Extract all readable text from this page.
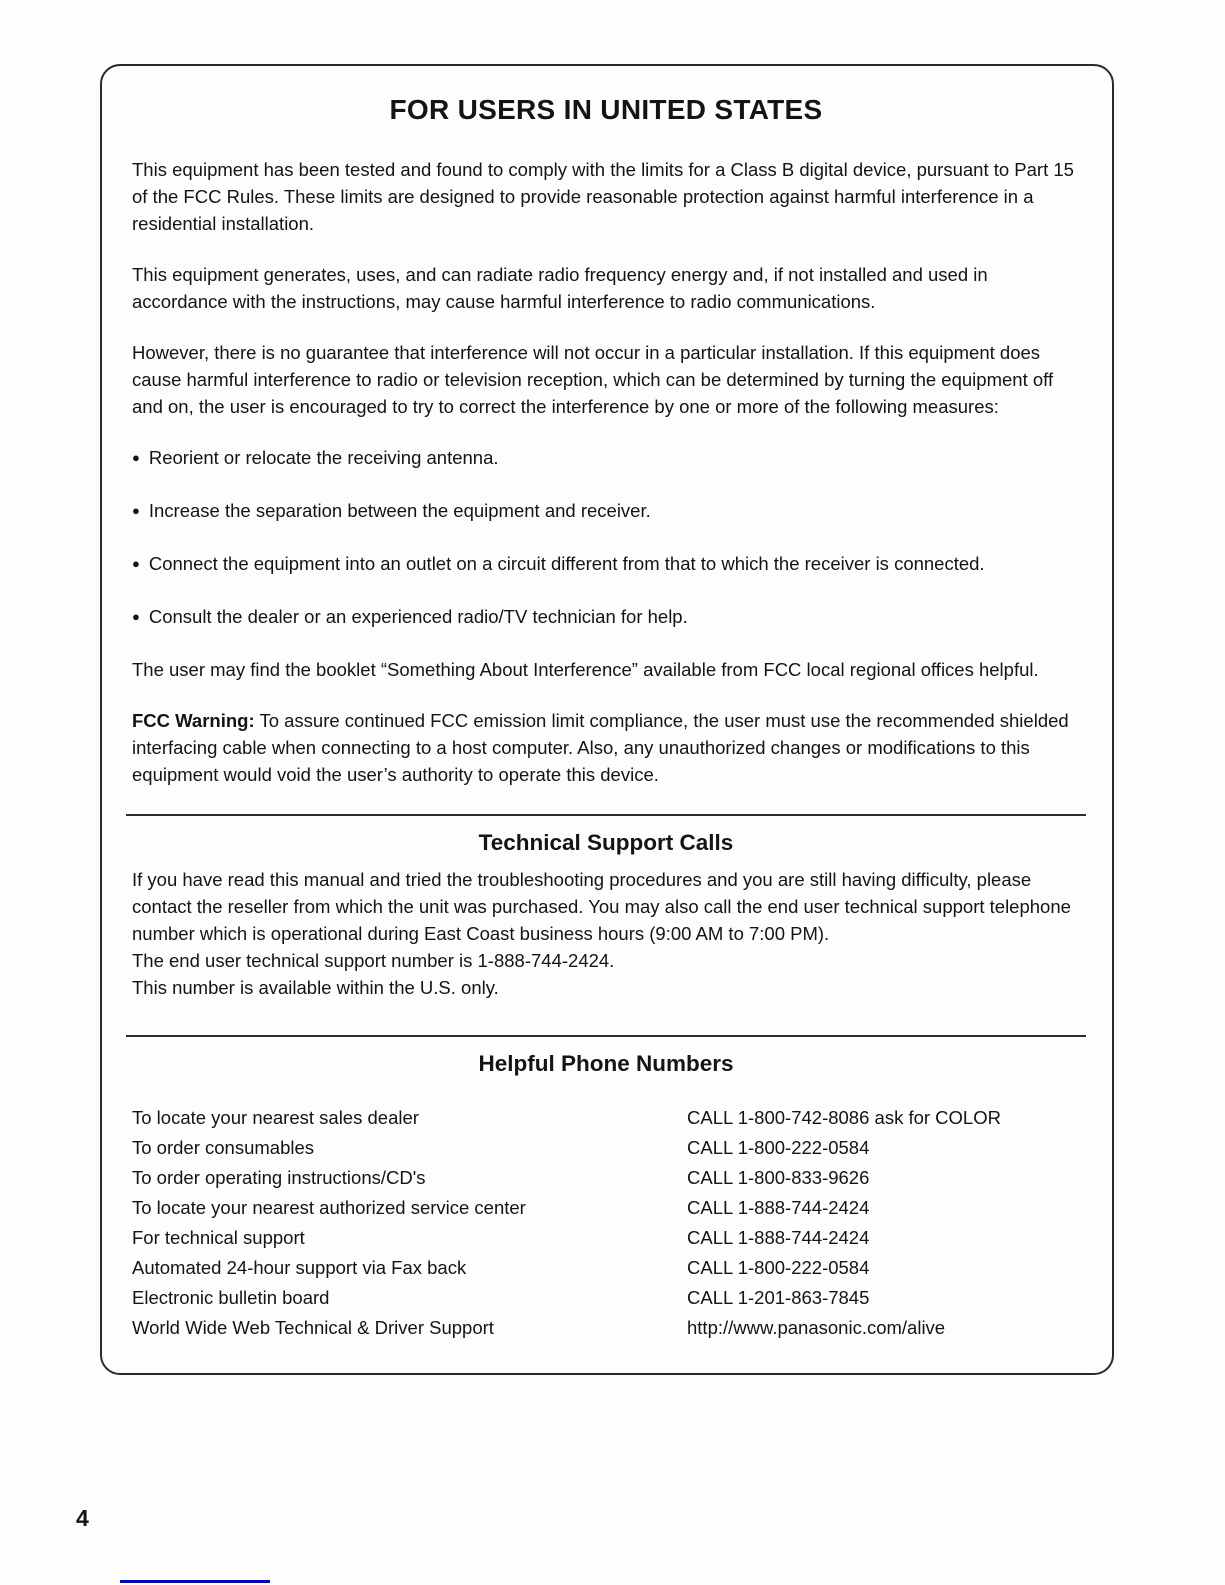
FOR USERS IN UNITED STATES

This equipment has been tested and found to comply with the limits for a Class B digital device, pursuant to Part 15 of the FCC Rules. These limits are designed to provide reasonable protection against harmful interference in a residential installation.

This equipment generates, uses, and can radiate radio frequency energy and, if not installed and used in accordance with the instructions, may cause harmful interference to radio communications.

However, there is no guarantee that interference will not occur in a particular installation. If this equipment does cause harmful interference to radio or television reception, which can be determined by turning the equipment off and on, the user is encouraged to try to correct the interference by one or more of the following measures:

● Reorient or relocate the receiving antenna.
● Increase the separation between the equipment and receiver.
● Connect the equipment into an outlet on a circuit different from that to which the receiver is connected.
● Consult the dealer or an experienced radio/TV technician for help.

The user may find the booklet “Something About Interference” available from FCC local regional offices helpful.

FCC Warning: To assure continued FCC emission limit compliance, the user must use the recommended shielded interfacing cable when connecting to a host computer. Also, any unauthorized changes or modifications to this equipment would void the user’s authority to operate this device.

Technical Support Calls

If you have read this manual and tried the troubleshooting procedures and you are still having difficulty, please contact the reseller from which the unit was purchased. You may also call the end user technical support telephone number which is operational during East Coast business hours (9:00 AM to 7:00 PM).

The end user technical support number is 1-888-744-2424.

This number is available within the U.S. only.

Helpful Phone Numbers
To locate your nearest sales dealer	CALL 1-800-742-8086 ask for COLOR
To order consumables	CALL 1-800-222-0584
To order operating instructions/CD's	CALL 1-800-833-9626
To locate your nearest authorized service center	CALL 1-888-744-2424
For technical support	CALL 1-888-744-2424
Automated 24-hour support via Fax back	CALL 1-800-222-0584
Electronic bulletin board	CALL 1-201-863-7845
World Wide Web Technical & Driver Support	http://www.panasonic.com/alive
4
